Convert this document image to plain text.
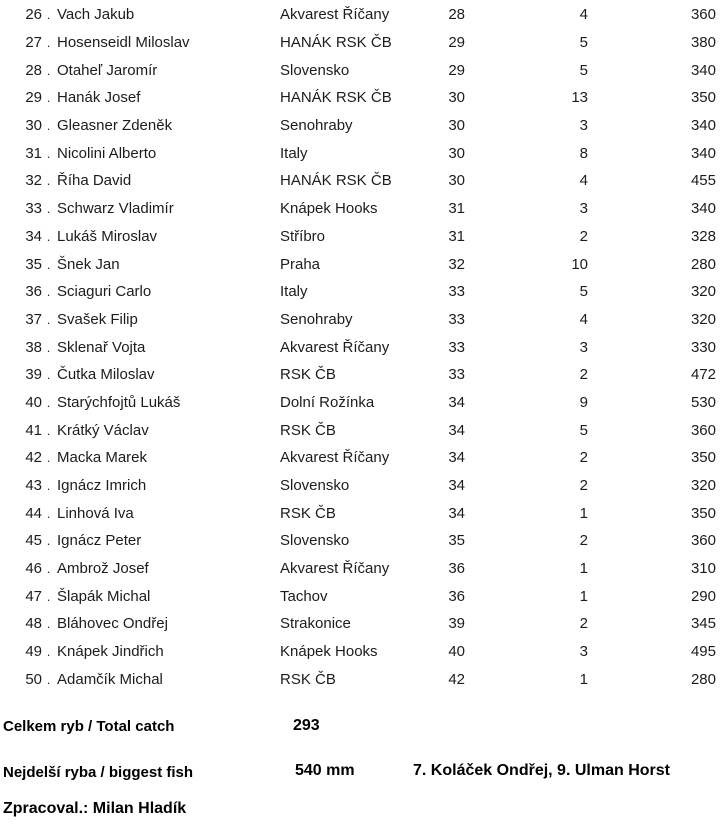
26 . Vach Jakub	Akvarest Říčany	28	4	360
27 . Hosenseidl Miloslav	HANÁK RSK ČB	29	5	380
28 . Otaheľ Jaromír	Slovensko	29	5	340
29 . Hanák Josef	HANÁK RSK ČB	30	13	350
30 . Gleasner Zdeněk	Senohraby	30	3	340
31 . Nicolini Alberto	Italy	30	8	340
32 . Říha David	HANÁK RSK ČB	30	4	455
33 . Schwarz Vladimír	Knápek Hooks	31	3	340
34 . Lukáš Miroslav	Stříbro	31	2	328
35 . Šnek Jan	Praha	32	10	280
36 . Sciaguri Carlo	Italy	33	5	320
37 . Svašek Filip	Senohraby	33	4	320
38 . Sklenař Vojta	Akvarest Říčany	33	3	330
39 . Čutka Miloslav	RSK ČB	33	2	472
40 . Starýchfojtů Lukáš	Dolní Rožínka	34	9	530
41 . Krátký Václav	RSK ČB	34	5	360
42 . Macka Marek	Akvarest Říčany	34	2	350
43 . Ignácz Imrich	Slovensko	34	2	320
44 . Linhová Iva	RSK ČB	34	1	350
45 . Ignácz Peter	Slovensko	35	2	360
46 . Ambrož Josef	Akvarest Říčany	36	1	310
47 . Šlapák Michal	Tachov	36	1	290
48 . Bláhovec Ondřej	Strakonice	39	2	345
49 . Knápek Jindřich	Knápek Hooks	40	3	495
50 . Adamčík Michal	RSK ČB	42	1	280
Celkem ryb / Total catch	293
Nejdelší ryba / biggest fish	540 mm	7. Koláček Ondřej, 9. Ulman Horst
Zpracoval.: Milan Hladík
